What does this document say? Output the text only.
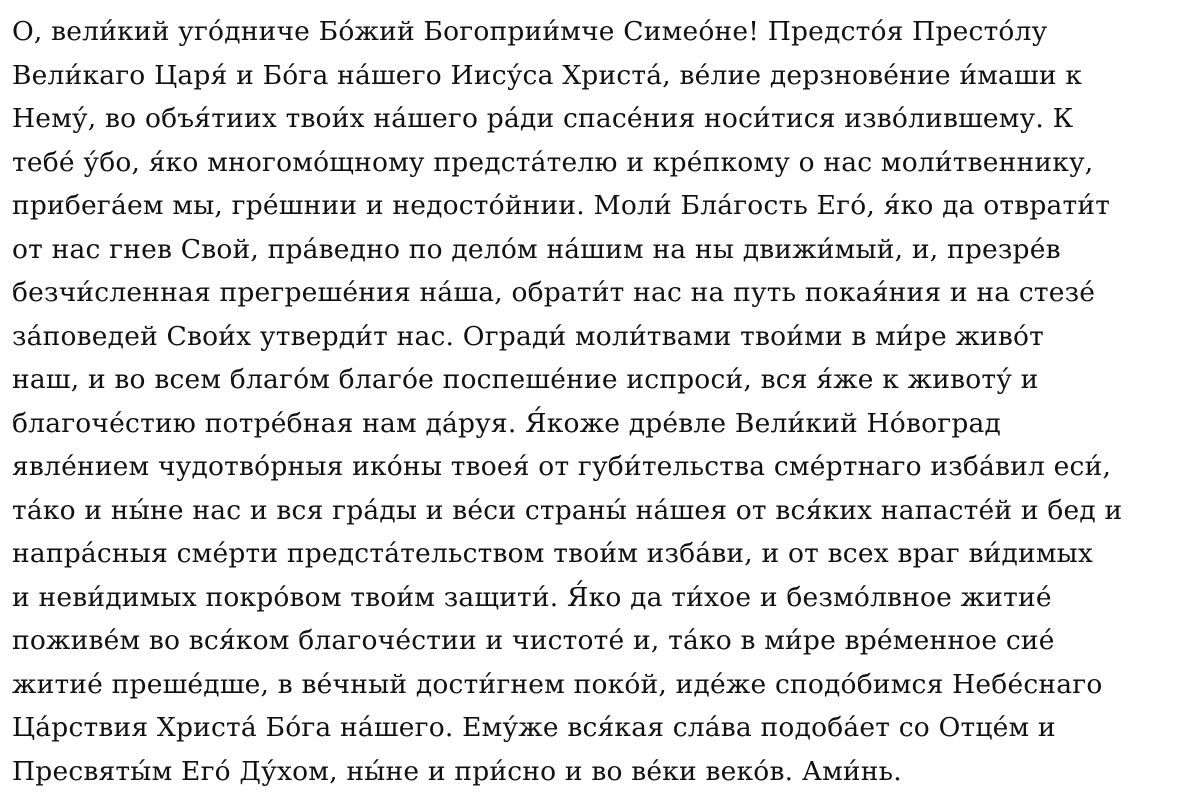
О, вели́кий уго́дниче Бо́жий Богоприи́мче Симео́не! Предсто́я Престо́лу
Вели́каго Царя́ и Бо́га на́шего Иису́са Христа́, ве́лие дерзнове́ние и́маши к
Нему́, во объя́тиих твои́х на́шего ра́ди спасе́ния носи́тися изво́лившему. К
тебе́ у́бо, я́ко многомо́щному предста́телю и кре́пкому о нас моли́твеннику,
прибега́ем мы, гре́шнии и недосто́йнии. Моли́ Бла́гость Его́, я́ко да отврати́т
от нас гнев Свой, пра́ведно по дело́м на́шим на ны движи́мый, и, презре́в
безчи́сленная прегреше́ния на́ша, обрати́т нас на путь покая́ния и на стезе́
за́поведей Свои́х утверди́т нас. Огради́ моли́твами твои́ми в ми́ре живо́т
наш, и во всем благо́м благо́е поспеше́ние испроси́, вся я́же к животу́ и
благоче́стию потре́бная нам да́руя. Я́коже дре́вле Вели́кий Но́воград
явле́нием чудотво́рныя ико́ны твоея́ от губи́тельства сме́ртнаго изба́вил еси́,
та́ко и ны́не нас и вся гра́ды и ве́си страны́ на́шея от вся́ких напасте́й и бед и
напра́сныя сме́рти предста́тельством твои́м изба́ви, и от всех враг ви́димых
и неви́димых покро́вом твои́м защити́. Я́ко да ти́хое и безмо́лвное житие́
поживе́м во вся́ком благоче́стии и чистоте́ и, та́ко в ми́ре вре́менное сие́
житие́ преше́дше, в ве́чный дости́гнем поко́й, иде́же сподо́бимся Небе́снаго
Ца́рствия Христа́ Бо́га на́шего. Ему́же вся́кая сла́ва подоба́ет со Отце́м и
Пресвяты́м Его́ Ду́хом, ны́не и при́сно и во ве́ки веко́в. Ами́нь.
